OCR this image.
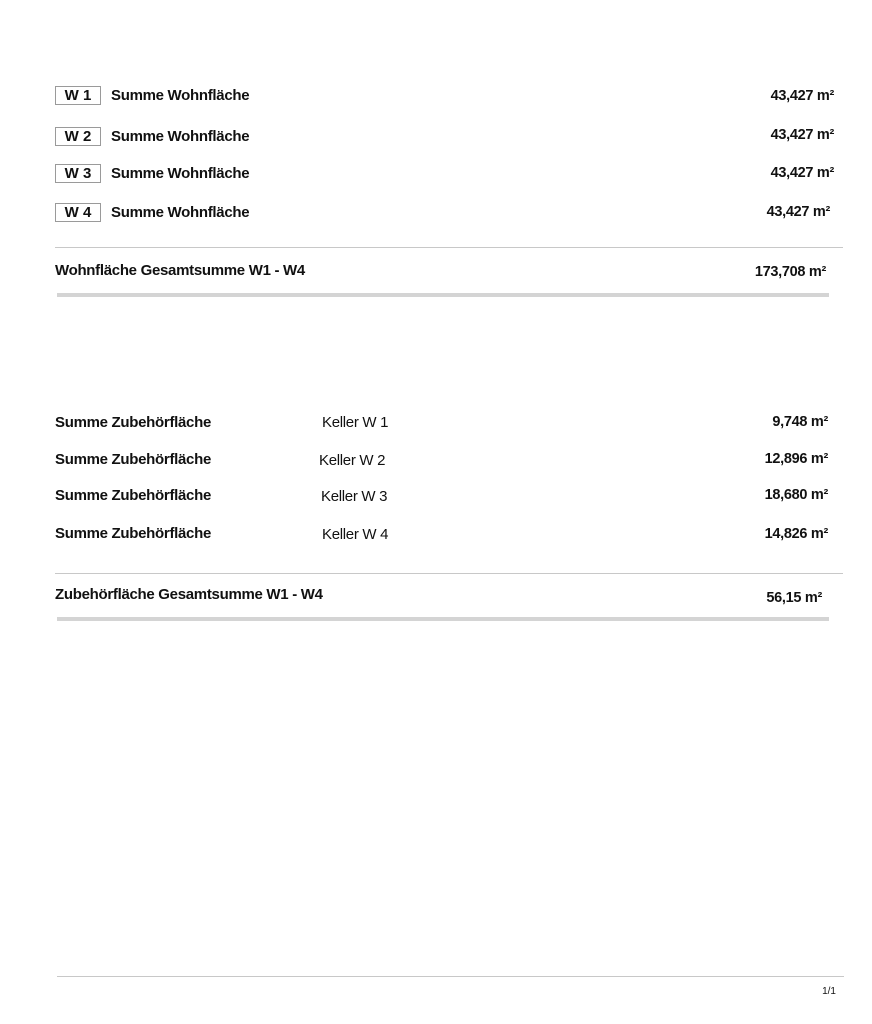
W 1	Summe Wohnfläche	43,427 m²
W 2	Summe Wohnfläche	43,427 m²
W 3	Summe Wohnfläche	43,427 m²
W 4	Summe Wohnfläche	43,427 m²
Wohnfläche Gesamtsumme W1 - W4	173,708 m²
Summe Zubehörfläche	Keller W 1	9,748 m²
Summe Zubehörfläche	Keller W 2	12,896 m²
Summe Zubehörfläche	Keller W 3	18,680 m²
Summe Zubehörfläche	Keller W 4	14,826 m²
Zubehörfläche Gesamtsumme W1 - W4	56,15 m²
1/1
